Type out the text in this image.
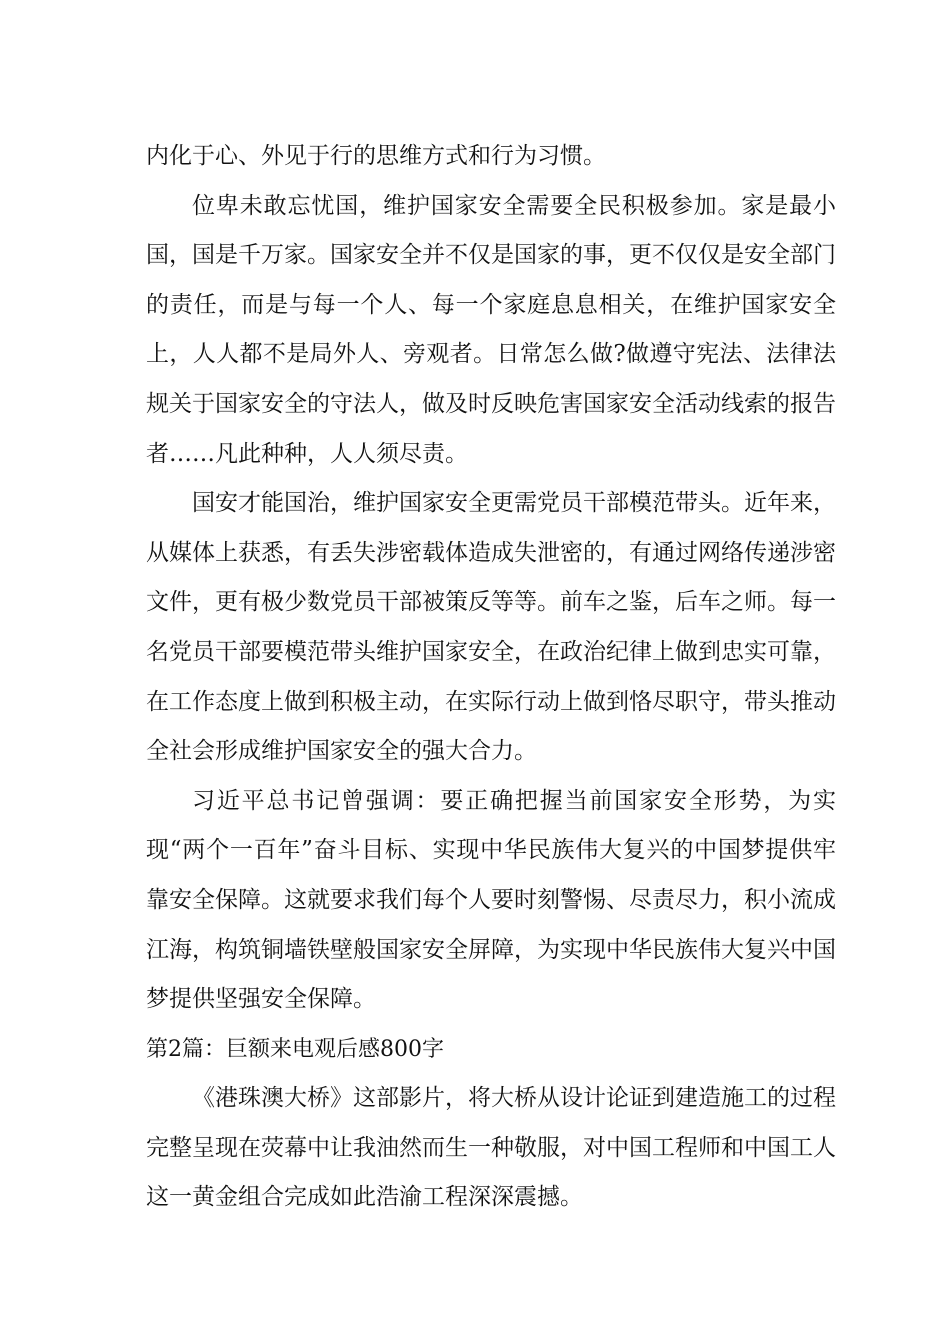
内化于心、外见于行的思维方式和行为习惯。

位卑未敢忘忧国，维护国家安全需要全民积极参加。家是最小国，国是千万家。国家安全并不仅是国家的事，更不仅仅是安全部门的责任，而是与每一个人、每一个家庭息息相关，在维护国家安全上，人人都不是局外人、旁观者。日常怎么做?做遵守宪法、法律法规关于国家安全的守法人，做及时反映危害国家安全活动线索的报告者……凡此种种，人人须尽责。

国安才能国治，维护国家安全更需党员干部模范带头。近年来，从媒体上获悉，有丢失涉密载体造成失泄密的，有通过网络传递涉密文件，更有极少数党员干部被策反等等。前车之鉴，后车之师。每一名党员干部要模范带头维护国家安全，在政治纪律上做到忠实可靠，在工作态度上做到积极主动，在实际行动上做到恪尽职守，带头推动全社会形成维护国家安全的强大合力。

习近平总书记曾强调：要正确把握当前国家安全形势，为实现“两个一百年”奋斗目标、实现中华民族伟大复兴的中国梦提供牢靠安全保障。这就要求我们每个人要时刻警惕、尽责尽力，积小流成江海，构筑铜墙铁壁般国家安全屏障，为实现中华民族伟大复兴中国梦提供坚强安全保障。

第2篇：巨额来电观后感800字

《港珠澳大桥》这部影片，将大桥从设计论证到建造施工的过程完整呈现在荧幕中让我油然而生一种敬服，对中国工程师和中国工人这一黄金组合完成如此浩渝工程深深震撼。
